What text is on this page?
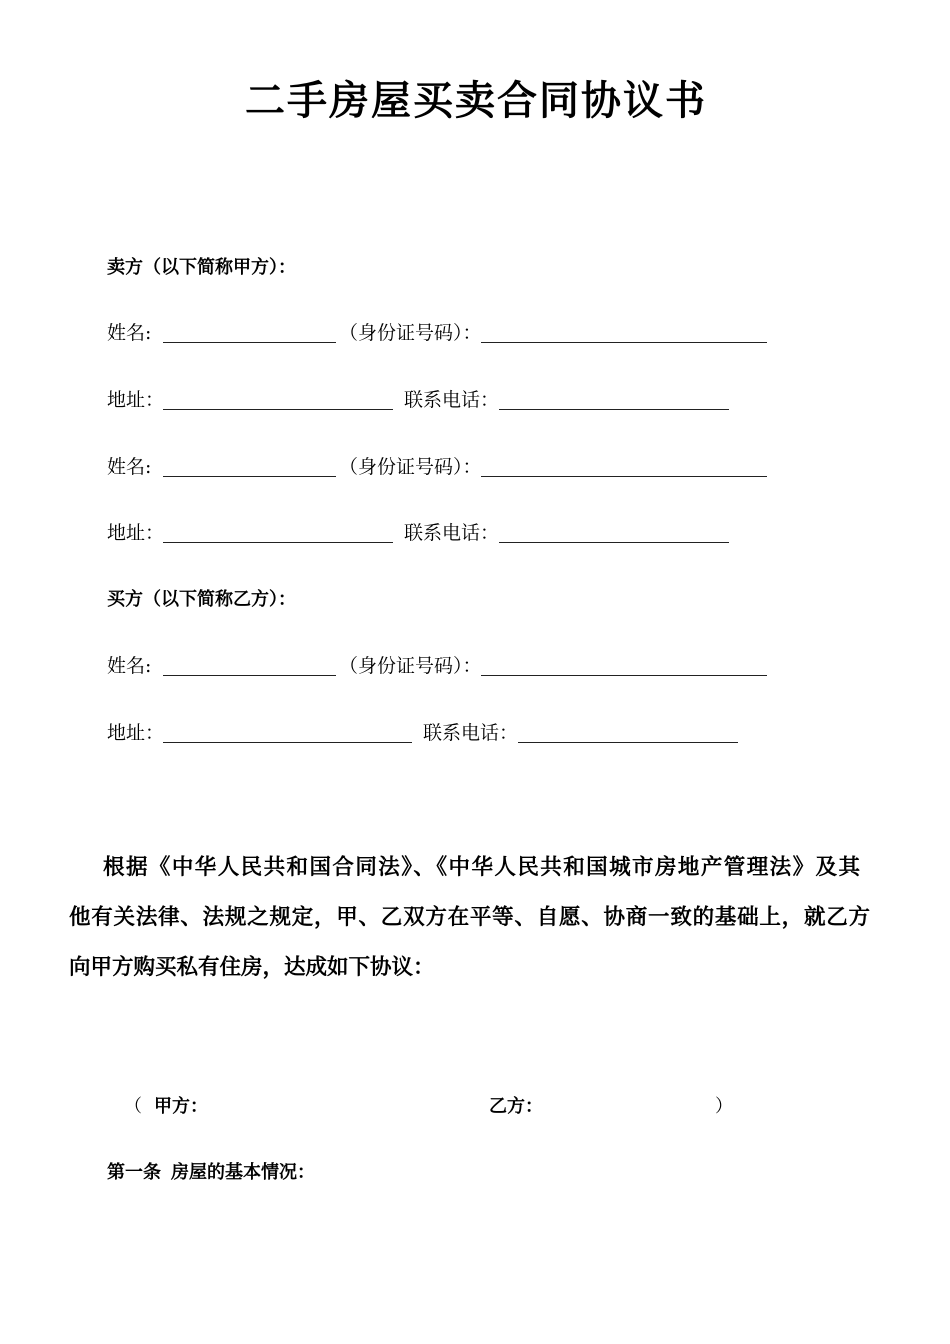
二手房屋买卖合同协议书
卖方（以下简称甲方）：
姓名:	（身份证号码）：
地址：	联系电话：
姓名:	（身份证号码）：
地址：	联系电话：
买方（以下简称乙方）：
姓名:	（身份证号码）：
地址：	联系电话：
根据《中华人民共和国合同法》、《中华人民共和国城市房地产管理法》及其
他有关法律、法规之规定，甲、乙双方在平等、自愿、协商一致的基础上，就乙方
向甲方购买私有住房，达成如下协议：
（ 甲方：	乙方：	）
第一条 房屋的基本情况：
